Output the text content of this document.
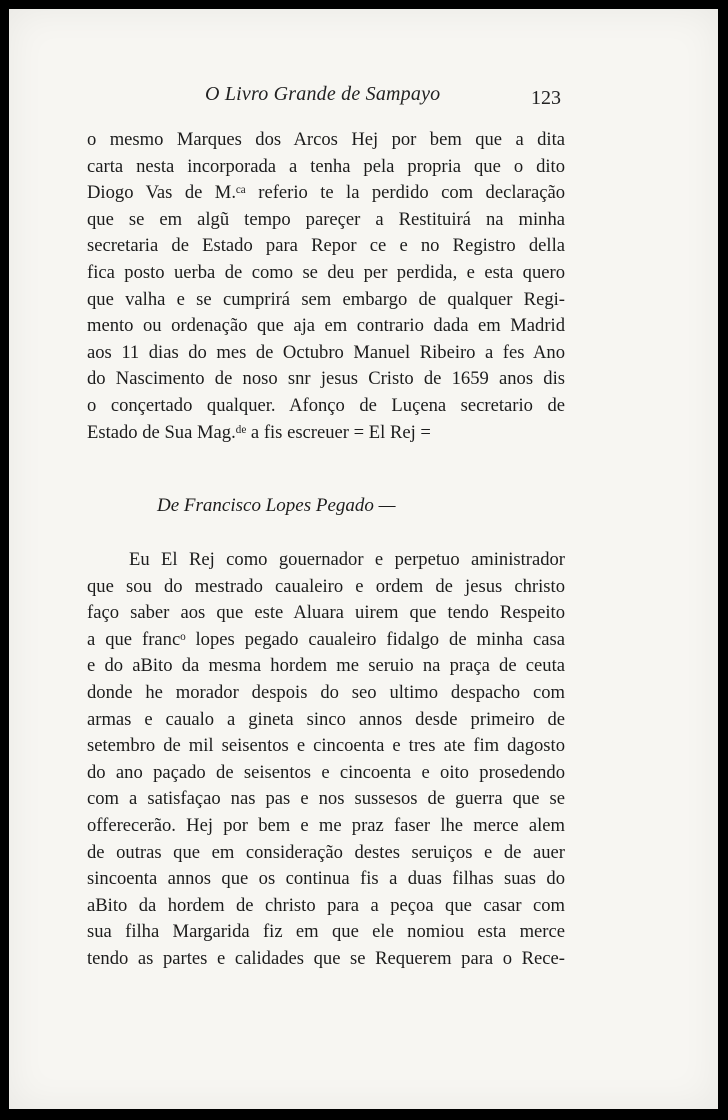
O Livro Grande de Sampayo	123
o mesmo Marques dos Arcos Hej por bem que a dita
carta nesta incorporada a tenha pela propria que o dito
Diogo Vas de M.ᶜᵃ referio te la perdido com declaração
que se em algũ tempo pareçer a Restituirá na minha
secretaria de Estado para Repor ce e no Registro della
fica posto uerba de como se deu per perdida, e esta quero
que valha e se cumprirá sem embargo de qualquer Regi-
mento ou ordenação que aja em contrario dada em Madrid
aos 11 dias do mes de Octubro Manuel Ribeiro a fes Ano
do Nascimento de noso snr jesus Cristo de 1659 anos dis
o conçertado qualquer. Afonço de Luçena secretario de
Estado de Sua Mag.ᵈᵉ a fis escreuer = El Rej =
De Francisco Lopes Pegado —
Eu El Rej como gouernador e perpetuo aministrador
que sou do mestrado caualeiro e ordem de jesus christo
faço saber aos que este Aluara uirem que tendo Respeito
a que francᵒ lopes pegado caualeiro fidalgo de minha casa
e do aBito da mesma hordem me seruio na praça de ceuta
donde he morador despois do seo ultimo despacho com
armas e caualo a gineta sinco annos desde primeiro de
setembro de mil seisentos e cincoenta e tres ate fim dagosto
do ano paçado de seisentos e cincoenta e oito prosedendo
com a satisfaçao nas pas e nos sussesos de guerra que se
offerecerão. Hej por bem e me praz faser lhe merce alem
de outras que em consideração destes seruiços e de auer
sincoenta annos que os continua fis a duas filhas suas do
aBito da hordem de christo para a peçoa que casar com
sua filha Margarida fiz em que ele nomiou esta merce
tendo as partes e calidades que se Requerem para o Rece-
